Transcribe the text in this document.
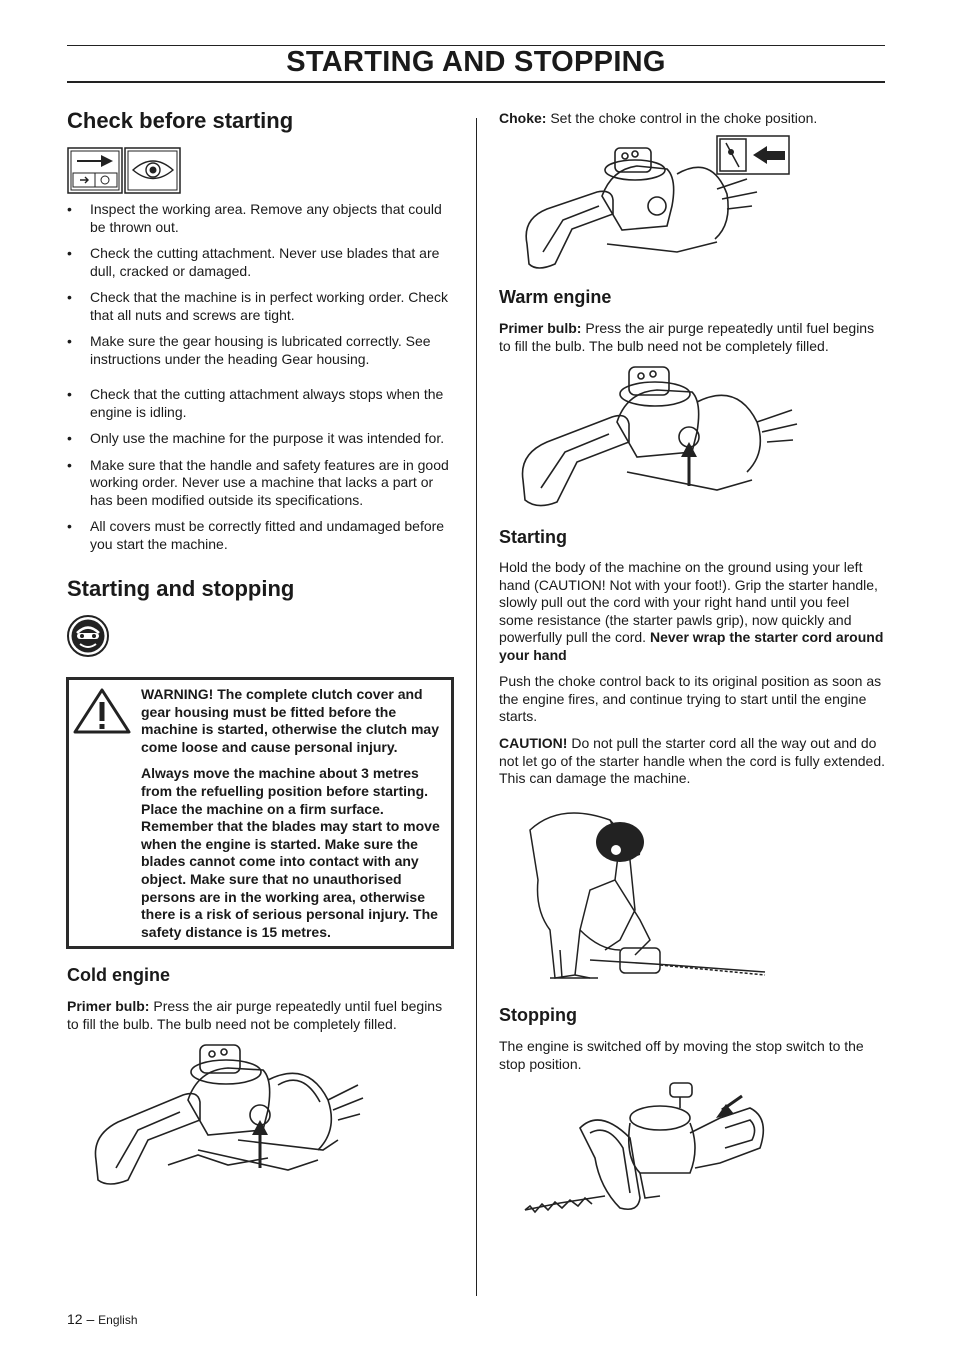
STARTING AND STOPPING
Check before starting
• Inspect the working area. Remove any objects that could be thrown out.
• Check the cutting attachment. Never use blades that are dull, cracked or damaged.
• Check that the machine is in perfect working order. Check that all nuts and screws are tight.
• Make sure the gear housing is lubricated correctly. See instructions under the heading Gear housing.
• Check that the cutting attachment always stops when the engine is idling.
• Only use the machine for the purpose it was intended for.
• Make sure that the handle and safety features are in good working order. Never use a machine that lacks a part or has been modified outside its specifications.
• All covers must be correctly fitted and undamaged before you start the machine.
Starting and stopping

WARNING! The complete clutch cover and gear housing must be fitted before the machine is started, otherwise the clutch may come loose and cause personal injury.

Always move the machine about 3 metres from the refuelling position before starting. Place the machine on a firm surface. Remember that the blades may start to move when the engine is started. Make sure the blades cannot come into contact with any object. Make sure that no unauthorised persons are in the working area, otherwise there is a risk of serious personal injury. The safety distance is 15 metres.

Cold engine

Primer bulb: Press the air purge repeatedly until fuel begins to fill the bulb. The bulb need not be completely filled.

Choke: Set the choke control in the choke position.

Warm engine

Primer bulb: Press the air purge repeatedly until fuel begins to fill the bulb. The bulb need not be completely filled.

Starting

Hold the body of the machine on the ground using your left hand (CAUTION! Not with your foot!). Grip the starter handle, slowly pull out the cord with your right hand until you feel some resistance (the starter pawls grip), now quickly and powerfully pull the cord. Never wrap the starter cord around your hand

Push the choke control back to its original position as soon as the engine fires, and continue trying to start until the engine starts.

CAUTION! Do not pull the starter cord all the way out and do not let go of the starter handle when the cord is fully extended. This can damage the machine.

Stopping

The engine is switched off by moving the stop switch to the stop position.

12 – English
